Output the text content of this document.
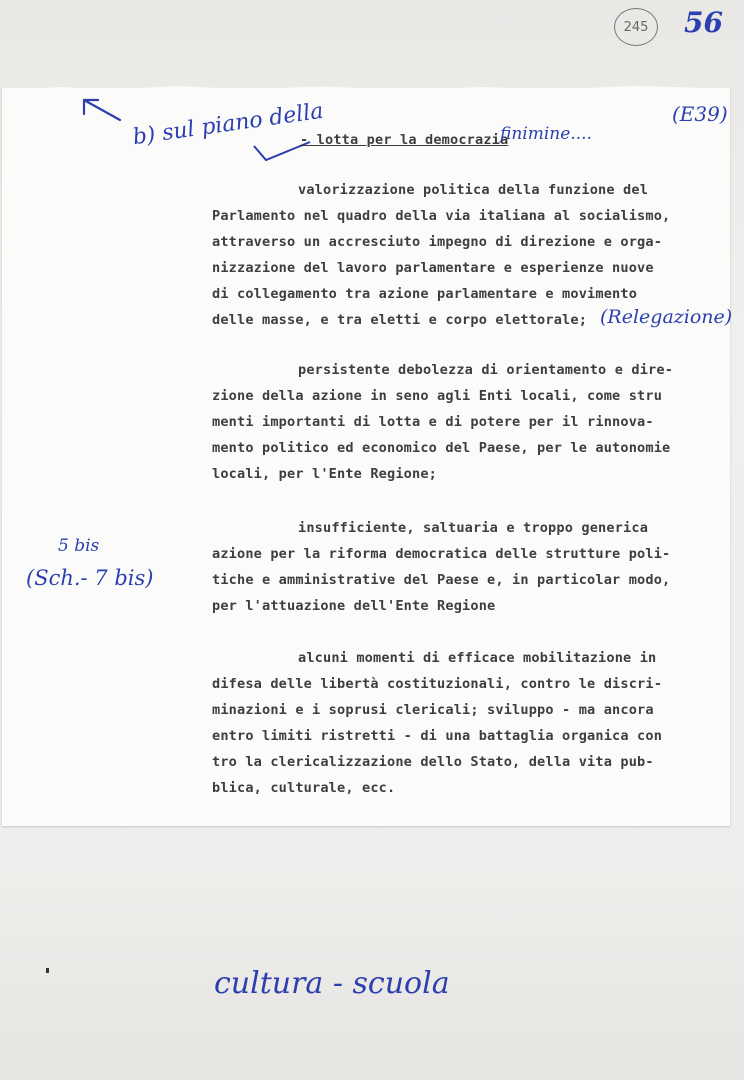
245 56
b) sul piano della
- lotta per la democrazia
finimine....
(E39)
valorizzazione politica della funzione del
Parlamento nel quadro della via italiana al socialismo,
attraverso un accresciuto impegno di direzione e orga-
nizzazione del lavoro parlamentare e esperienze nuove
di collegamento tra azione parlamentare e movimento
delle masse, e tra eletti e corpo elettorale; (Relegazione)
persistente debolezza di orientamento e dire-
zione della azione in seno agli Enti locali, come stru
menti importanti di lotta e di potere per il rinnova-
mento politico ed economico del Paese, per le autonomie
locali, per l'Ente Regione;
5 bis
(Sch.- 7 bis)
insufficiente, saltuaria e troppo generica
azione per la riforma democratica delle strutture poli-
tiche e amministrative del Paese e, in particolar modo,
per l'attuazione dell'Ente Regione
alcuni momenti di efficace mobilitazione in
difesa delle libertà costituzionali, contro le discri-
minazioni e i soprusi clericali; sviluppo - ma ancora
entro limiti ristretti - di una battaglia organica con
tro la clericalizzazione dello Stato, della vita pub-
blica, culturale, ecc.
cultura - scuola
